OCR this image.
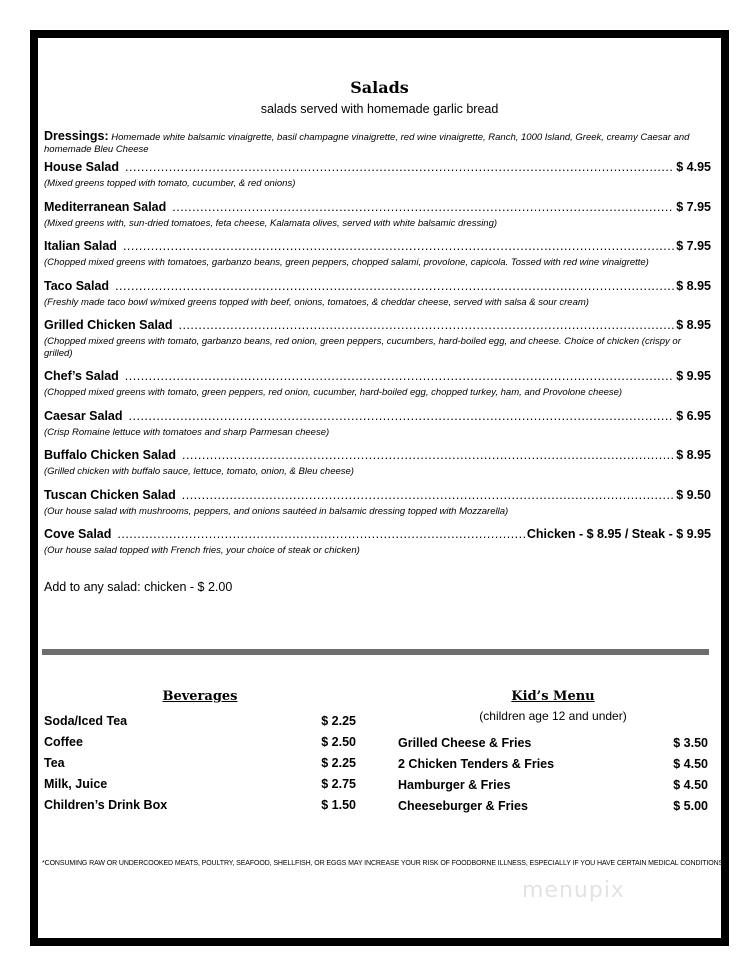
Salads
salads served with homemade garlic bread
Dressings: Homemade white balsamic vinaigrette, basil champagne vinaigrette, red wine vinaigrette, Ranch, 1000 Island, Greek, creamy Caesar and homemade Bleu Cheese
House Salad .....	$ 4.95
(Mixed greens topped with tomato, cucumber, & red onions)
Mediterranean Salad .....	$ 7.95
(Mixed greens with, sun-dried tomatoes, feta cheese, Kalamata olives, served with white balsamic dressing)
Italian Salad .....	$ 7.95
(Chopped mixed greens with tomatoes, garbanzo beans, green peppers, chopped salami, provolone, capicola. Tossed with red wine vinaigrette)
Taco Salad .....	$ 8.95
(Freshly made taco bowl w/mixed greens topped with beef, onions, tomatoes, & cheddar cheese, served with salsa & sour cream)
Grilled Chicken Salad .....	$ 8.95
(Chopped mixed greens with tomato, garbanzo beans, red onion, green peppers, cucumbers, hard-boiled egg, and cheese. Choice of chicken (crispy or grilled)
Chef’s Salad .....	$ 9.95
(Chopped mixed greens with tomato, green peppers, red onion, cucumber, hard-boiled egg, chopped turkey, ham, and Provolone cheese)
Caesar Salad .....	$ 6.95
(Crisp Romaine lettuce with tomatoes and sharp Parmesan cheese)
Buffalo Chicken Salad .....	$ 8.95
(Grilled chicken with buffalo sauce, lettuce, tomato, onion, & Bleu cheese)
Tuscan Chicken Salad .....	$ 9.50
(Our house salad with mushrooms, peppers, and onions sautéed in balsamic dressing topped with Mozzarella)
Cove Salad .....	Chicken - $ 8.95 / Steak - $ 9.95
(Our house salad topped with French fries, your choice of steak or chicken)
Add to any salad: chicken - $ 2.00
Beverages
Soda/Iced Tea	$ 2.25
Coffee	$ 2.50
Tea	$ 2.25
Milk, Juice	$ 2.75
Children’s Drink Box	$ 1.50
Kid’s Menu
(children age 12 and under)
Grilled Cheese & Fries	$ 3.50
2 Chicken Tenders & Fries	$ 4.50
Hamburger & Fries	$ 4.50
Cheeseburger & Fries	$ 5.00
*CONSUMING RAW OR UNDERCOOKED MEATS, POULTRY, SEAFOOD, SHELLFISH, OR EGGS MAY INCREASE YOUR RISK OF FOODBORNE ILLNESS, ESPECIALLY IF YOU HAVE CERTAIN MEDICAL CONDITIONS
menupix
